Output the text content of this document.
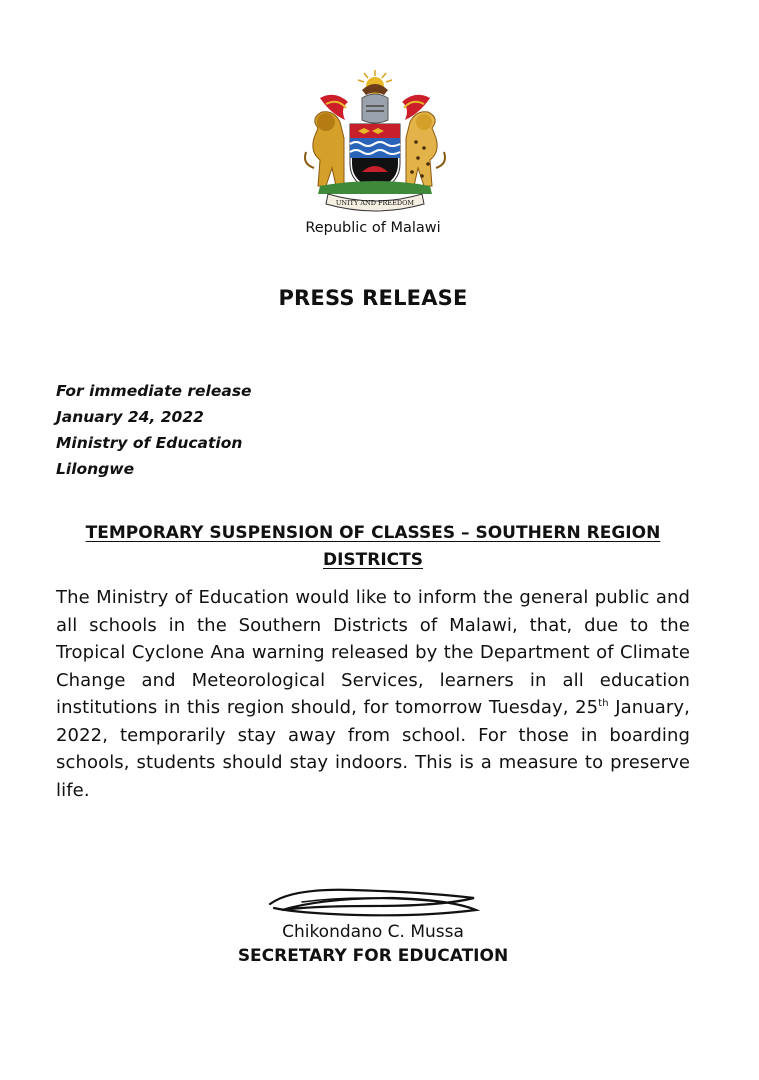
UNITY AND FREEDOM
Republic of Malawi
PRESS RELEASE
For immediate release
January 24, 2022
Ministry of Education
Lilongwe
TEMPORARY SUSPENSION OF CLASSES – SOUTHERN REGION
DISTRICTS
The Ministry of Education would like to inform the general public and all schools in the Southern Districts of Malawi, that, due to the Tropical Cyclone Ana warning released by the Department of Climate Change and Meteorological Services, learners in all education institutions in this region should, for tomorrow Tuesday, 25th January, 2022, temporarily stay away from school. For those in boarding schools, students should stay indoors. This is a measure to preserve life.
Chikondano C. Mussa
SECRETARY FOR EDUCATION
